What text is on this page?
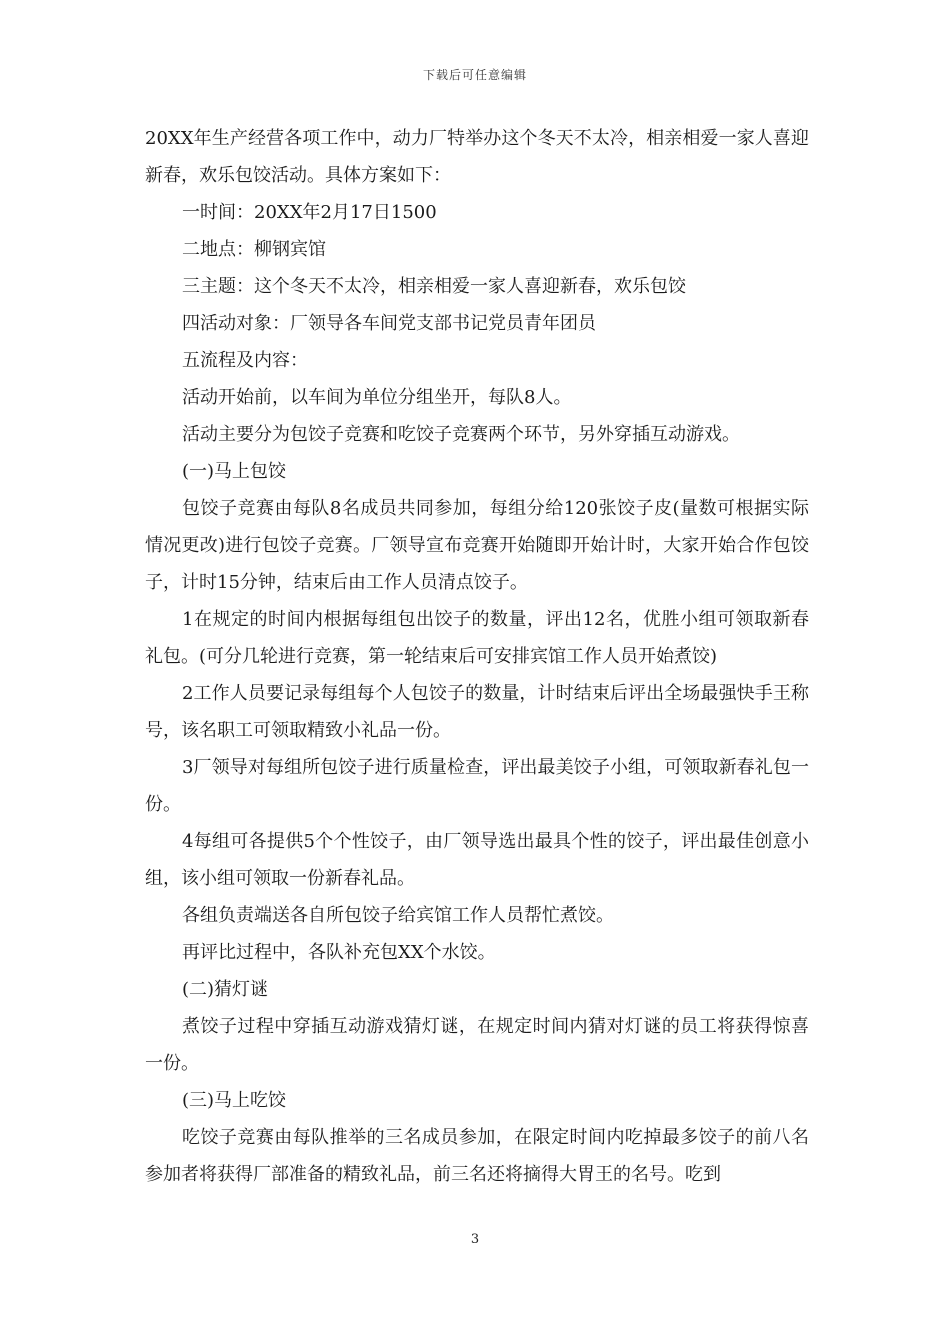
下载后可任意编辑

20XX年生产经营各项工作中，动力厂特举办这个冬天不太冷，相亲相爱一家人喜迎新春，欢乐包饺活动。具体方案如下：

一时间：20XX年2月17日1500

二地点：柳钢宾馆

三主题：这个冬天不太冷，相亲相爱一家人喜迎新春，欢乐包饺

四活动对象：厂领导各车间党支部书记党员青年团员

五流程及内容：

活动开始前，以车间为单位分组坐开，每队8人。

活动主要分为包饺子竞赛和吃饺子竞赛两个环节，另外穿插互动游戏。

(一)马上包饺

包饺子竞赛由每队8名成员共同参加，每组分给120张饺子皮(量数可根据实际情况更改)进行包饺子竞赛。厂领导宣布竞赛开始随即开始计时，大家开始合作包饺子，计时15分钟，结束后由工作人员清点饺子。

1在规定的时间内根据每组包出饺子的数量，评出12名，优胜小组可领取新春礼包。(可分几轮进行竞赛，第一轮结束后可安排宾馆工作人员开始煮饺)

2工作人员要记录每组每个人包饺子的数量，计时结束后评出全场最强快手王称号，该名职工可领取精致小礼品一份。

3厂领导对每组所包饺子进行质量检查，评出最美饺子小组，可领取新春礼包一份。

4每组可各提供5个个性饺子，由厂领导选出最具个性的饺子，评出最佳创意小组，该小组可领取一份新春礼品。

各组负责端送各自所包饺子给宾馆工作人员帮忙煮饺。

再评比过程中，各队补充包XX个水饺。

(二)猜灯谜

煮饺子过程中穿插互动游戏猜灯谜，在规定时间内猜对灯谜的员工将获得惊喜一份。

(三)马上吃饺

吃饺子竞赛由每队推举的三名成员参加，在限定时间内吃掉最多饺子的前八名参加者将获得厂部准备的精致礼品，前三名还将摘得大胃王的名号。吃到

3
